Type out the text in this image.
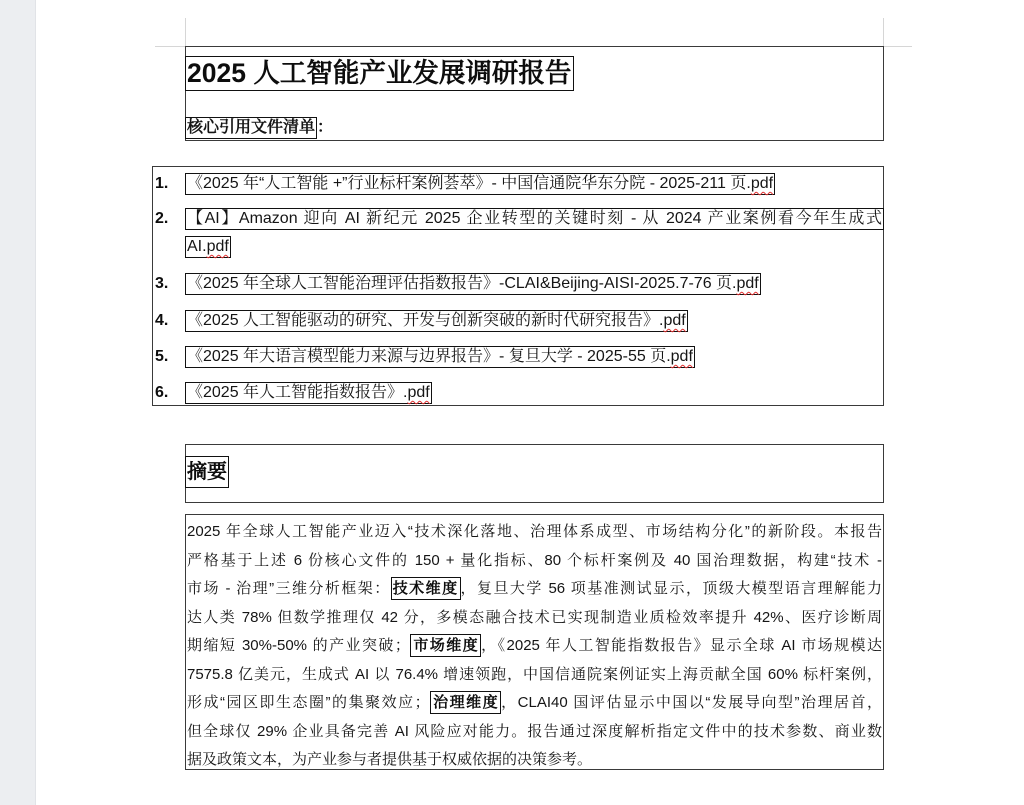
2025 人工智能产业发展调研报告
核心引用文件清单 ：
1. 《2025 年“人工智能 +”行业标杆案例荟萃》- 中国信通院华东分院 - 2025-211 页.pdf
2. 【AI】Amazon 迎向 AI 新纪元 2025 企业转型的关键时刻 - 从 2024 产业案例看今年生成式
AI.pdf
3. 《2025 年全球人工智能治理评估指数报告》-CLAI&Beijing-AISI-2025.7-76 页.pdf
4. 《2025 人工智能驱动的研究、开发与创新突破的新时代研究报告》.pdf
5. 《2025 年大语言模型能力来源与边界报告》- 复旦大学 - 2025-55 页.pdf
6. 《2025 年人工智能指数报告》.pdf
摘要
2025 年全球人工智能产业迈入“技术深化落地、治理体系成型、市场结构分化”的新阶段。本报告
严格基于上述 6 份核心文件的 150 + 量化指标、80 个标杆案例及 40 国治理数据，构建“技术 -
市场 - 治理”三维分析框架： 技术维度 ，复旦大学 56 项基准测试显示，顶级大模型语言理解能力
达人类 78% 但数学推理仅 42 分，多模态融合技术已实现制造业质检效率提升 42%、医疗诊断周
期缩短 30%-50% 的产业突破； 市场维度 ，《2025 年人工智能指数报告》显示全球 AI 市场规模达
7575.8 亿美元，生成式 AI 以 76.4% 增速领跑，中国信通院案例证实上海贡献全国 60% 标杆案例，
形成“园区即生态圈”的集聚效应； 治理维度 ，CLAI40 国评估显示中国以“发展导向型”治理居首，
但全球仅 29% 企业具备完善 AI 风险应对能力。报告通过深度解析指定文件中的技术参数、商业数
据及政策文本，为产业参与者提供基于权威依据的决策参考。
